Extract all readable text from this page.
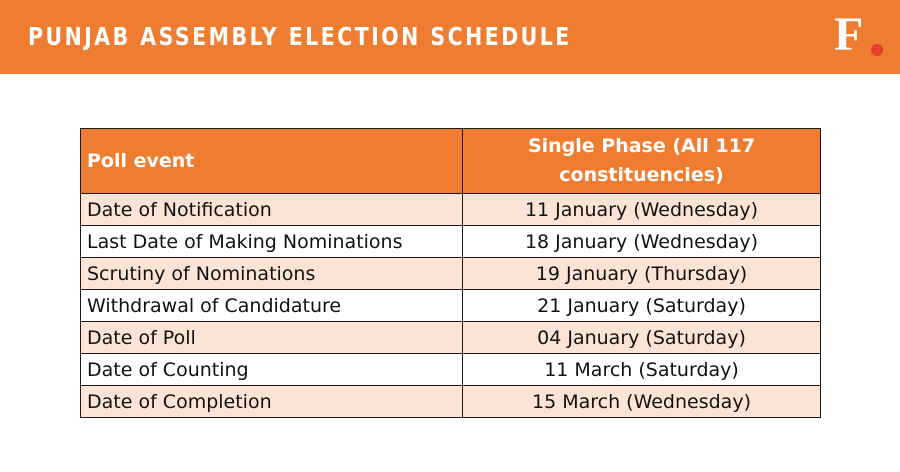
PUNJAB ASSEMBLY ELECTION SCHEDULE	F
Poll event	Single Phase (All 117 constituencies)
Date of Notification	11 January (Wednesday)
Last Date of Making Nominations	18 January (Wednesday)
Scrutiny of Nominations	19 January (Thursday)
Withdrawal of Candidature	21 January (Saturday)
Date of Poll	04 January (Saturday)
Date of Counting	11 March (Saturday)
Date of Completion	15 March (Wednesday)
